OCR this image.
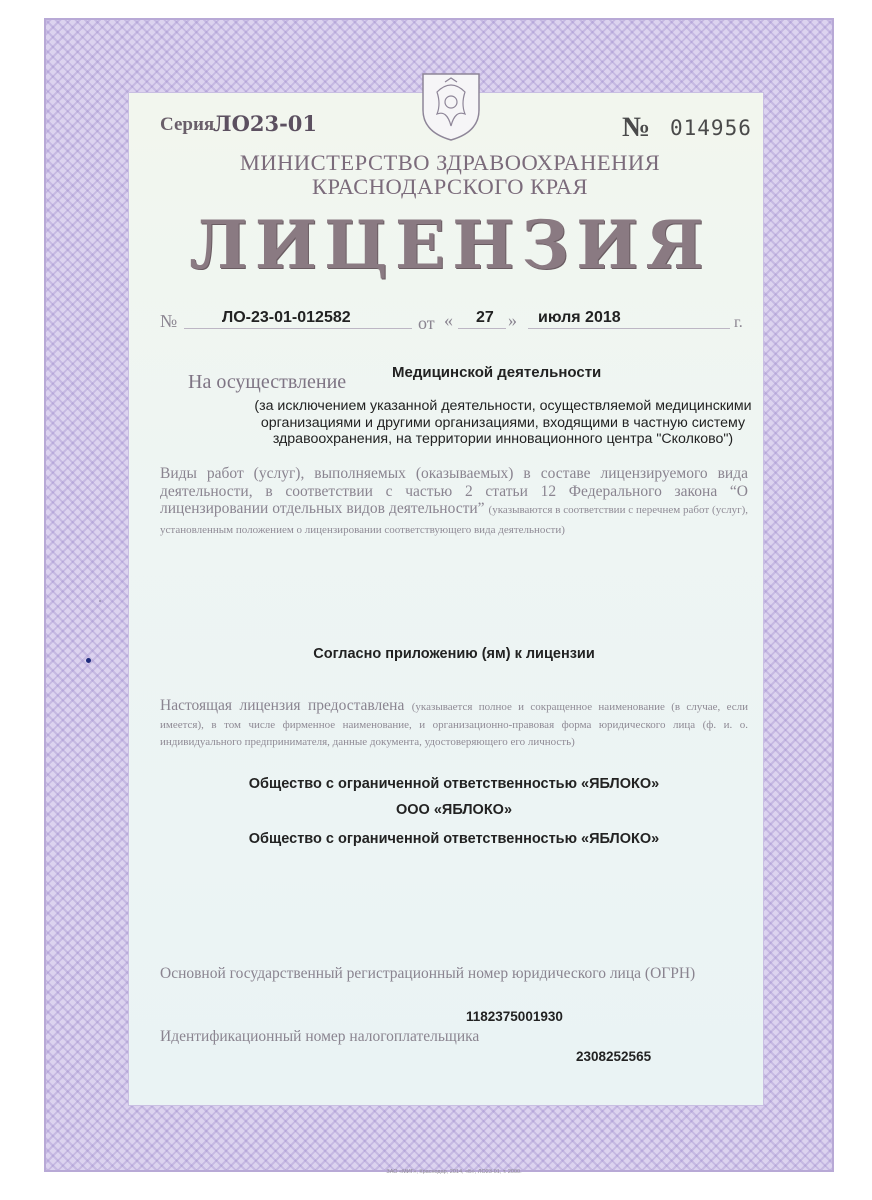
Серия
ЛО23-01	№ 014956
МИНИСТЕРСТВО ЗДРАВООХРАНЕНИЯ
КРАСНОДАРСКОГО КРАЯ
ЛИЦЕНЗИЯ
№	ЛО-23-01-012582	от « 27 » июля 2018	г.
На осуществление	Медицинской деятельности
(за исключением указанной деятельности, осуществляемой медицинскими организациями и другими организациями, входящими в частную систему здравоохранения, на территории инновационного центра "Сколково")
Виды работ (услуг), выполняемых (оказываемых) в составе лицензируемого вида деятельности, в соответствии с частью 2 статьи 12 Федерального закона “О лицензировании отдельных видов деятельности” (указываются в соответствии с перечнем работ (услуг), установленным положением о лицензировании соответствующего вида деятельности)
Согласно приложению (ям) к лицензии
Настоящая лицензия предоставлена (указывается полное и сокращенное наименование (в случае, если имеется), в том числе фирменное наименование, и организационно-правовая форма юридического лица (ф. и. о. индивидуального предпринимателя, данные документа, удостоверяющего его личность)
Общество с ограниченной ответственностью «ЯБЛОКО»
ООО «ЯБЛОКО»
Общество с ограниченной ответственностью «ЯБЛОКО»
Основной государственный регистрационный номер юридического лица (ОГРН)
1182375001930
Идентификационный номер налогоплательщика
2308252565
ЗАО «МИГ», Краснодар, 2014, «Б», ЛО23-01, т. 2000.
